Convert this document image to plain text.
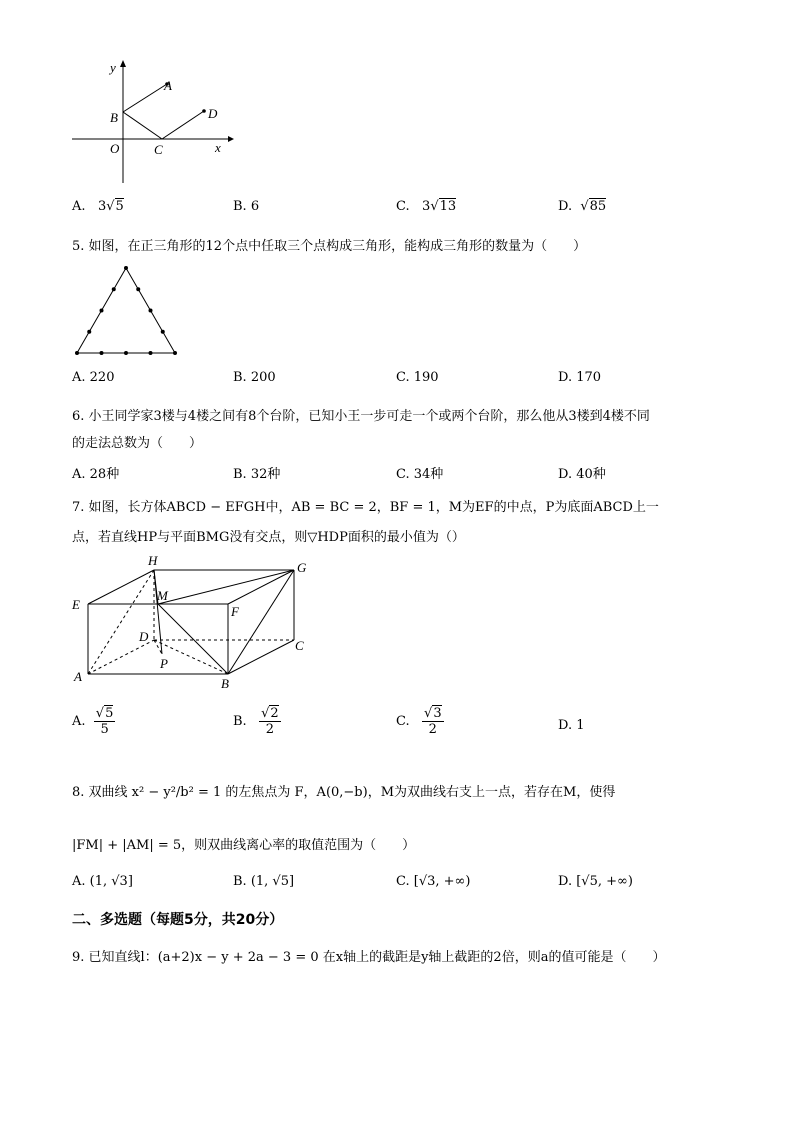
y
x
A
B
O	C
D
A. 3√5	B. 6	C. 3√13	D. √85
5. 如图，在正三角形的12个点中任取三个点构成三角形，能构成三角形的数量为（　　）
A. 220	B. 200	C. 190	D. 170
6. 小王同学家3楼与4楼之间有8个台阶，已知小王一步可走一个或两个台阶，那么他从3楼到4楼不同
的走法总数为（　　）
A. 28种	B. 32种	C. 34种	D. 40种
7. 如图，长方体ABCD − EFGH中，AB = BC = 2，BF = 1，M为EF的中点，P为底面ABCD上一
点，若直线HP与平面BMG没有交点，则▽HDP面积的最小值为（）
H	G
E
M
F
D
C
P
A	B
A. $\frac{√5}{5}$	B. $\frac{√2}{2}$	C. $\frac{√3}{2}$	D. 1
8. 双曲线 x² − y²/b² = 1 的左焦点为 F，A(0,−b)，M为双曲线右支上一点，若存在M，使得
|FM| + |AM| = 5，则双曲线离心率的取值范围为（　　）
A. (1, √3]	B. (1, √5]	C. [√3, +∞)	D. [√5, +∞)
二、多选题（每题5分，共20分）
9. 已知直线l：(a+2)x − y + 2a − 3 = 0 在x轴上的截距是y轴上截距的2倍，则a的值可能是（　　）
